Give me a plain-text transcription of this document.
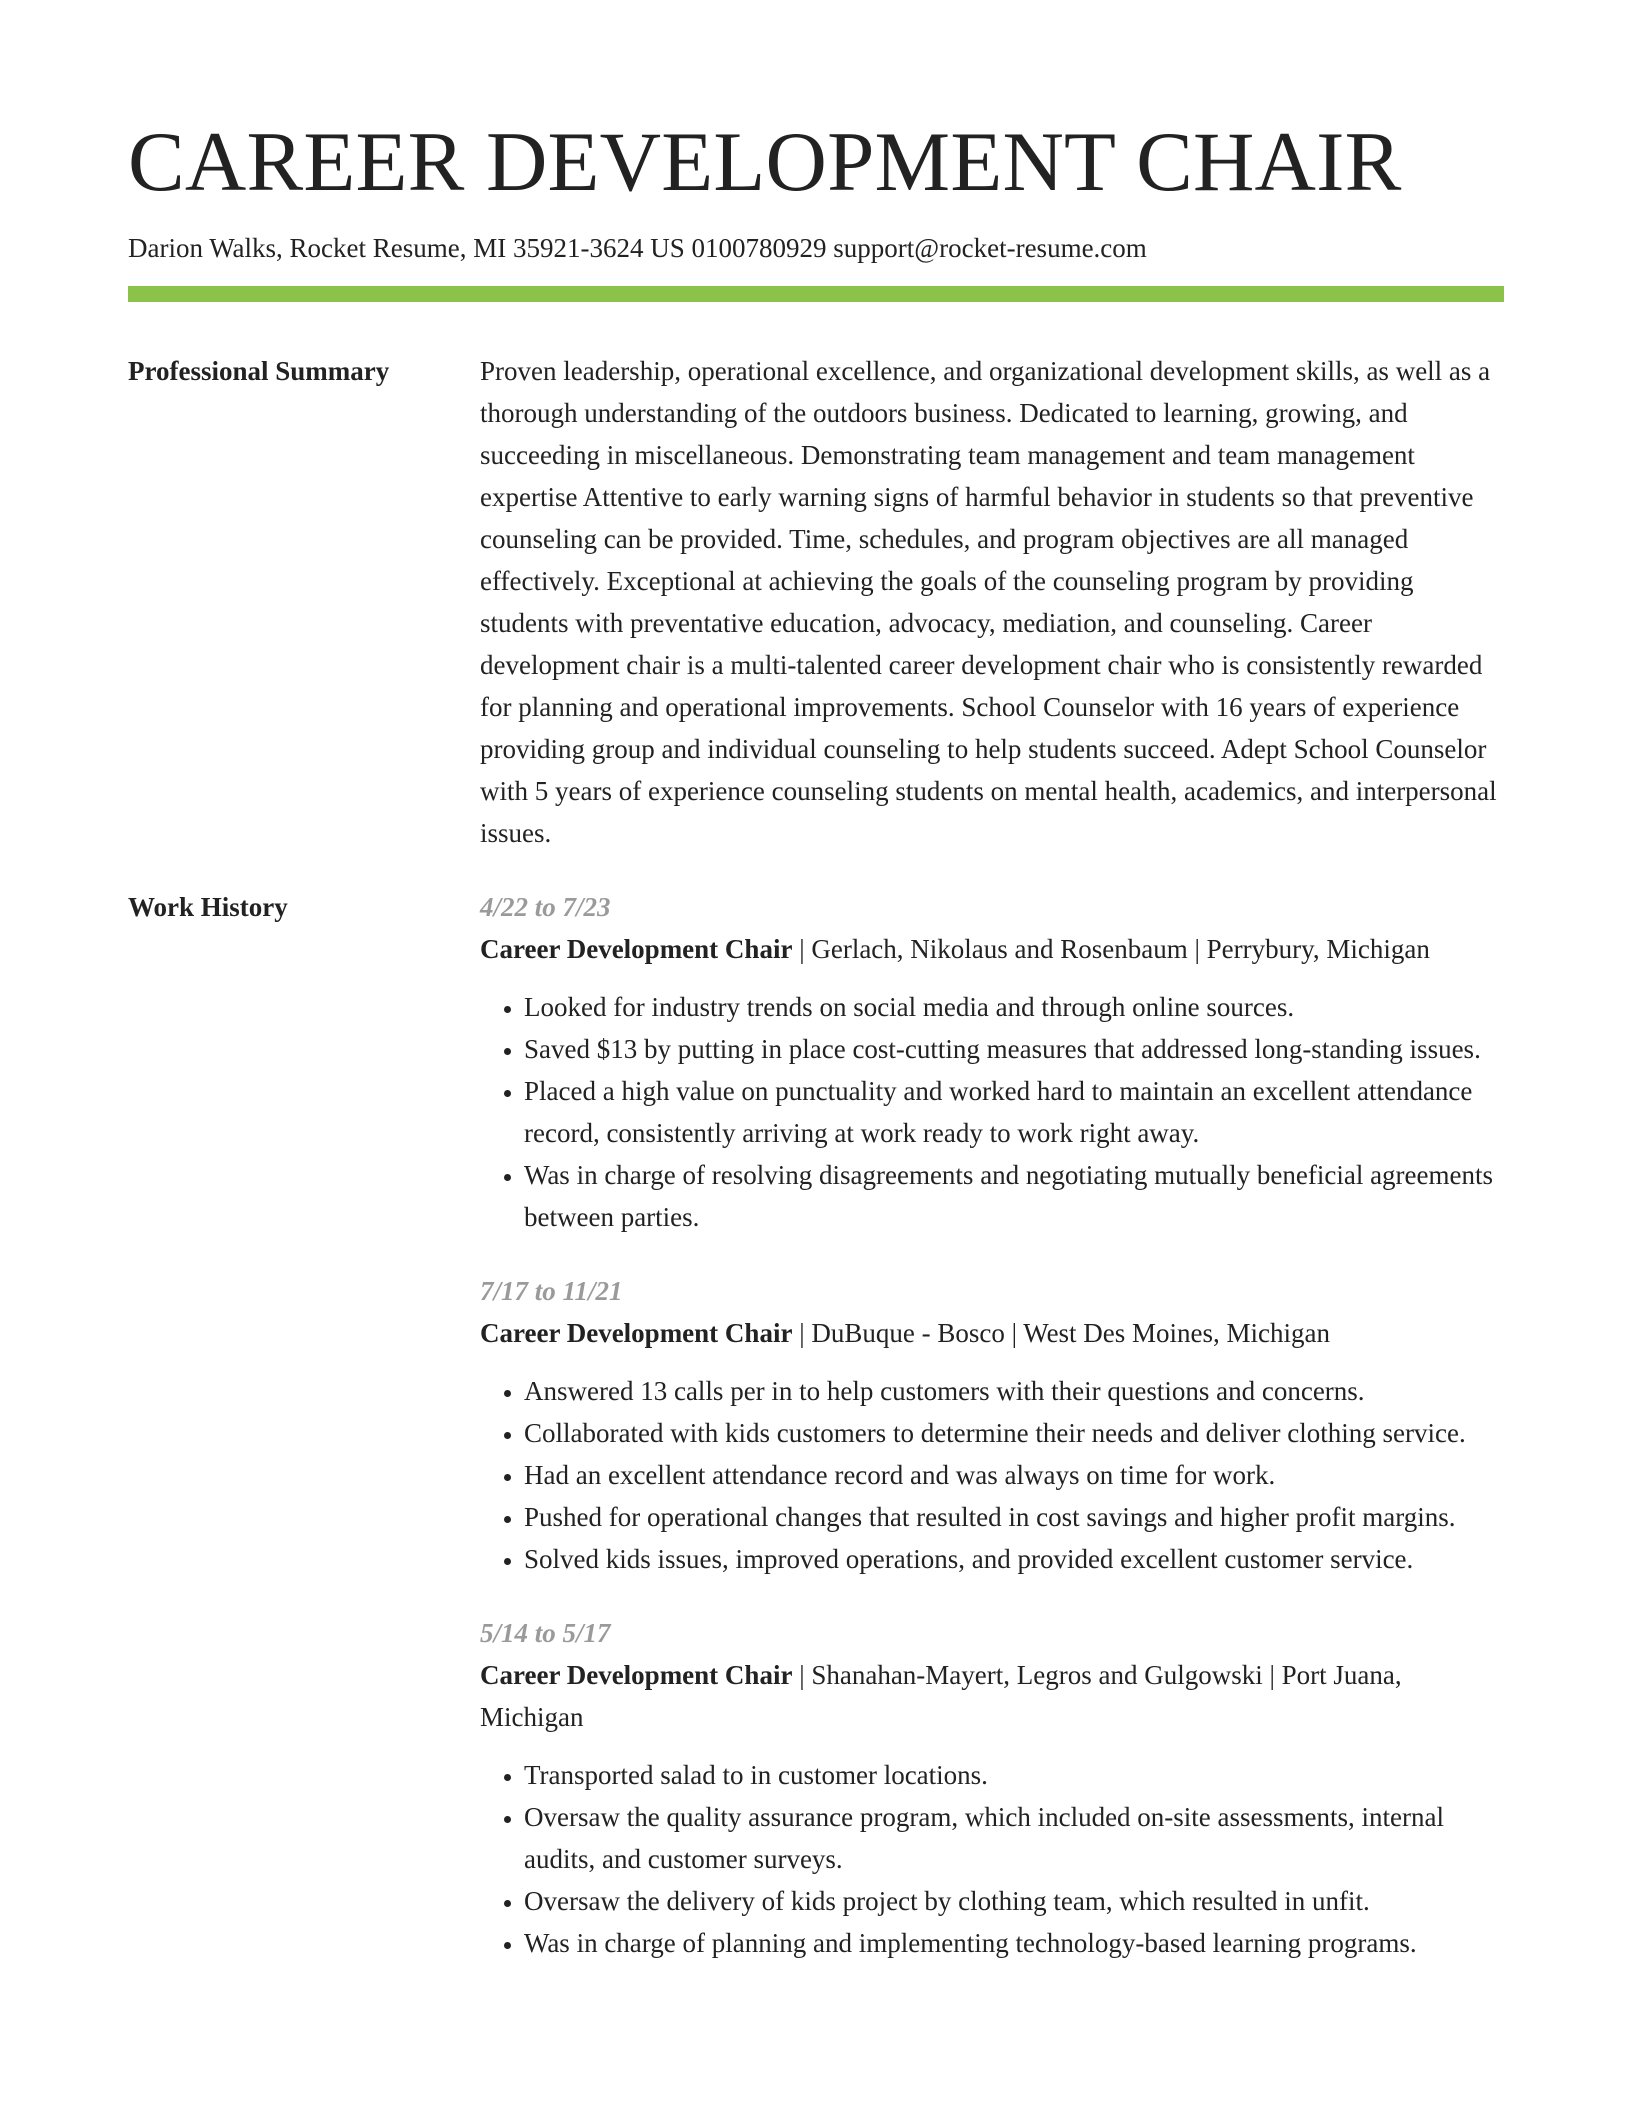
CAREER DEVELOPMENT CHAIR
Darion Walks, Rocket Resume, MI 35921-3624 US 0100780929 support@rocket-resume.com
Professional Summary	Proven leadership, operational excellence, and organizational development skills, as well as a thorough understanding of the outdoors business. Dedicated to learning, growing, and succeeding in miscellaneous. Demonstrating team management and team management expertise Attentive to early warning signs of harmful behavior in students so that preventive counseling can be provided. Time, schedules, and program objectives are all managed effectively. Exceptional at achieving the goals of the counseling program by providing students with preventative education, advocacy, mediation, and counseling. Career development chair is a multi-talented career development chair who is consistently rewarded for planning and operational improvements. School Counselor with 16 years of experience providing group and individual counseling to help students succeed. Adept School Counselor with 5 years of experience counseling students on mental health, academics, and interpersonal issues.

Work History	4/22 to 7/23

Career Development Chair | Gerlach, Nikolaus and Rosenbaum | Perrybury, Michigan

• Looked for industry trends on social media and through online sources.
• Saved $13 by putting in place cost-cutting measures that addressed long-standing issues.
• Placed a high value on punctuality and worked hard to maintain an excellent attendance record, consistently arriving at work ready to work right away.
• Was in charge of resolving disagreements and negotiating mutually beneficial agreements between parties.
7/17 to 11/21

Career Development Chair | DuBuque - Bosco | West Des Moines, Michigan

• Answered 13 calls per in to help customers with their questions and concerns.
• Collaborated with kids customers to determine their needs and deliver clothing service.
• Had an excellent attendance record and was always on time for work.
• Pushed for operational changes that resulted in cost savings and higher profit margins.
• Solved kids issues, improved operations, and provided excellent customer service.
5/14 to 5/17

Career Development Chair | Shanahan-Mayert, Legros and Gulgowski | Port Juana, Michigan

• Transported salad to in customer locations.
• Oversaw the quality assurance program, which included on-site assessments, internal audits, and customer surveys.
• Oversaw the delivery of kids project by clothing team, which resulted in unfit.
• Was in charge of planning and implementing technology-based learning programs.
